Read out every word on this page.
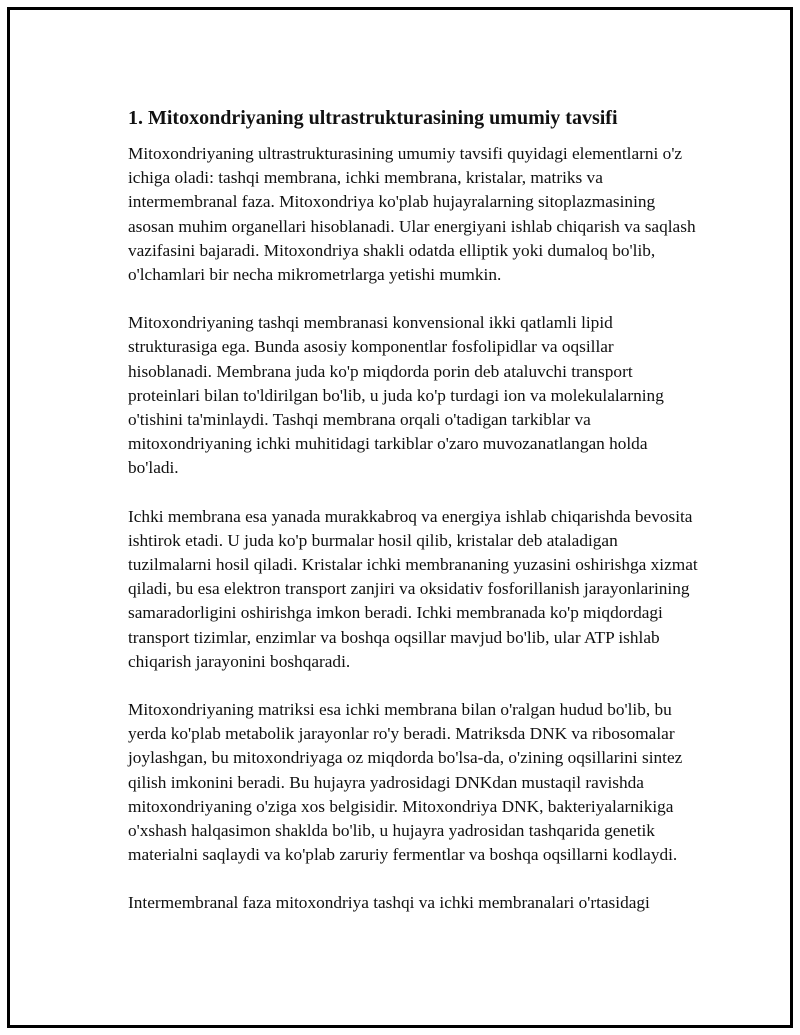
1. Mitoxondriyaning ultrastrukturasining umumiy tavsifi

Mitoxondriyaning ultrastrukturasining umumiy tavsifi quyidagi elementlarni o'z ichiga oladi: tashqi membrana, ichki membrana, kristalar, matriks va intermembranal faza. Mitoxondriya ko'plab hujayralarning sitoplazmasining asosan muhim organellari hisoblanadi. Ular energiyani ishlab chiqarish va saqlash vazifasini bajaradi. Mitoxondriya shakli odatda elliptik yoki dumaloq bo'lib, o'lchamlari bir necha mikrometrlarga yetishi mumkin.

Mitoxondriyaning tashqi membranasi konvensional ikki qatlamli lipid strukturasiga ega. Bunda asosiy komponentlar fosfolipidlar va oqsillar hisoblanadi. Membrana juda ko'p miqdorda porin deb ataluvchi transport proteinlari bilan to'ldirilgan bo'lib, u juda ko'p turdagi ion va molekulalarning o'tishini ta'minlaydi. Tashqi membrana orqali o'tadigan tarkiblar va mitoxondriyaning ichki muhitidagi tarkiblar o'zaro muvozanatlangan holda bo'ladi.

Ichki membrana esa yanada murakkabroq va energiya ishlab chiqarishda bevosita ishtirok etadi. U juda ko'p burmalar hosil qilib, kristalar deb ataladigan tuzilmalarni hosil qiladi. Kristalar ichki membrananing yuzasini oshirishga xizmat qiladi, bu esa elektron transport zanjiri va oksidativ fosforillanish jarayonlarining samaradorligini oshirishga imkon beradi. Ichki membranada ko'p miqdordagi transport tizimlar, enzimlar va boshqa oqsillar mavjud bo'lib, ular ATP ishlab chiqarish jarayonini boshqaradi.

Mitoxondriyaning matriksi esa ichki membrana bilan o'ralgan hudud bo'lib, bu yerda ko'plab metabolik jarayonlar ro'y beradi. Matriksda DNK va ribosomalar joylashgan, bu mitoxondriyaga oz miqdorda bo'lsa-da, o'zining oqsillarini sintez qilish imkonini beradi. Bu hujayra yadrosidagi DNKdan mustaqil ravishda mitoxondriyaning o'ziga xos belgisidir. Mitoxondriya DNK, bakteriyalarnikiga o'xshash halqasimon shaklda bo'lib, u hujayra yadrosidan tashqarida genetik materialni saqlaydi va ko'plab zaruriy fermentlar va boshqa oqsillarni kodlaydi.

Intermembranal faza mitoxondriya tashqi va ichki membranalari o'rtasidagi
